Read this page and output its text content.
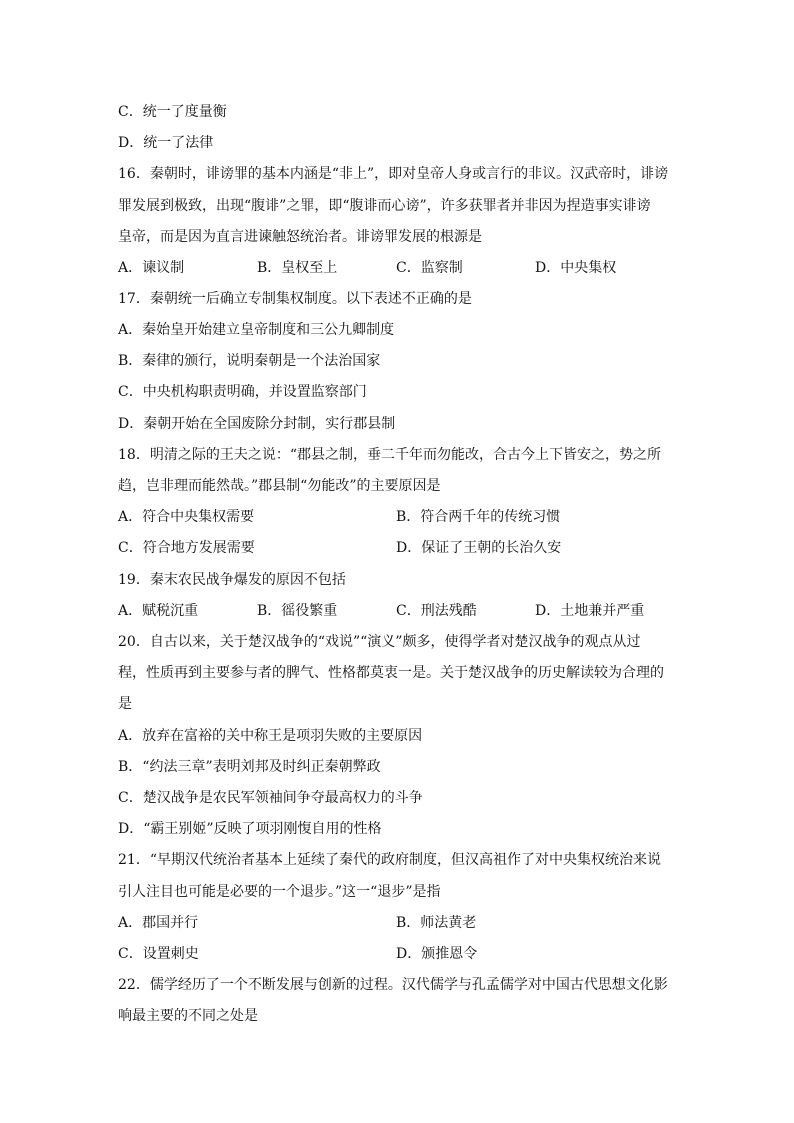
C．统一了度量衡
D．统一了法律
16．秦朝时，诽谤罪的基本内涵是“非上”，即对皇帝人身或言行的非议。汉武帝时，诽谤
罪发展到极致，出现“腹诽”之罪，即“腹诽而心谤”，许多获罪者并非因为捏造事实诽谤
皇帝，而是因为直言进谏触怒统治者。诽谤罪发展的根源是
A．谏议制	B．皇权至上	C．监察制	D．中央集权
17．秦朝统一后确立专制集权制度。以下表述不正确的是
A．秦始皇开始建立皇帝制度和三公九卿制度
B．秦律的颁行，说明秦朝是一个法治国家
C．中央机构职责明确，并设置监察部门
D．秦朝开始在全国废除分封制，实行郡县制
18．明清之际的王夫之说：“郡县之制，垂二千年而勿能改，合古今上下皆安之，势之所
趋，岂非理而能然哉。”郡县制“勿能改”的主要原因是
A．符合中央集权需要	B．符合两千年的传统习惯
C．符合地方发展需要	D．保证了王朝的长治久安
19．秦末农民战争爆发的原因不包括
A．赋税沉重	B．徭役繁重	C．刑法残酷	D．土地兼并严重
20．自古以来，关于楚汉战争的“戏说”“演义”颇多，使得学者对楚汉战争的观点从过
程，性质再到主要参与者的脾气、性格都莫衷一是。关于楚汉战争的历史解读较为合理的
是
A．放弃在富裕的关中称王是项羽失败的主要原因
B．“约法三章”表明刘邦及时纠正秦朝弊政
C．楚汉战争是农民军领袖间争夺最高权力的斗争
D．“霸王别姬”反映了项羽刚愎自用的性格
21．“早期汉代统治者基本上延续了秦代的政府制度，但汉高祖作了对中央集权统治来说
引人注目也可能是必要的一个退步。”这一“退步”是指
A．郡国并行	B．师法黄老
C．设置刺史	D．颁推恩令
22．儒学经历了一个不断发展与创新的过程。汉代儒学与孔孟儒学对中国古代思想文化影
响最主要的不同之处是
